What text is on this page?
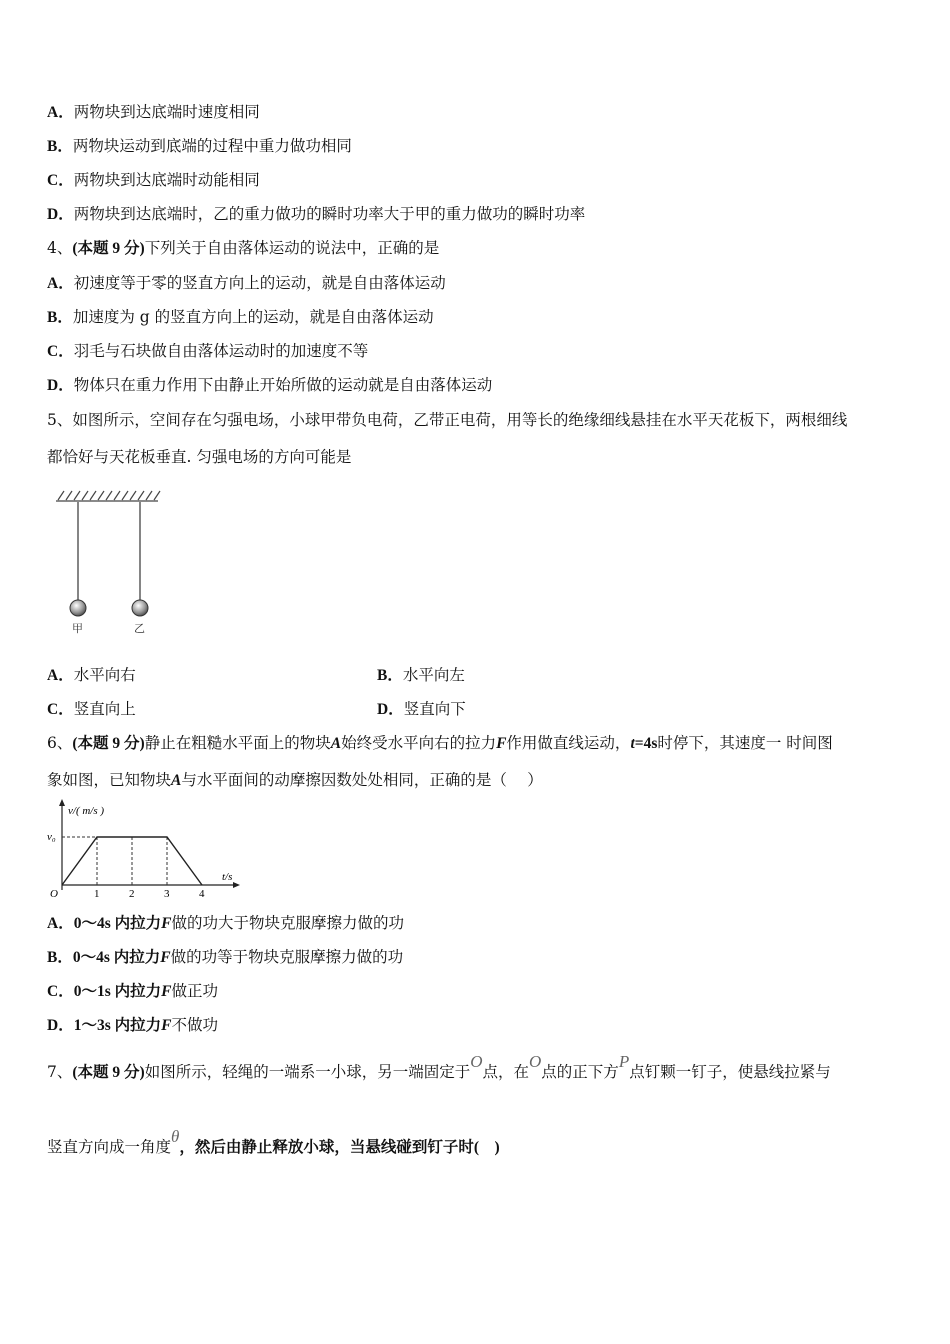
A．两物块到达底端时速度相同
B．两物块运动到底端的过程中重力做功相同
C．两物块到达底端时动能相同
D．两物块到达底端时，乙的重力做功的瞬时功率大于甲的重力做功的瞬时功率
4、(本题 9 分)下列关于自由落体运动的说法中，正确的是
A．初速度等于零的竖直方向上的运动，就是自由落体运动
B．加速度为 g 的竖直方向上的运动，就是自由落体运动
C．羽毛与石块做自由落体运动时的加速度不等
D．物体只在重力作用下由静止开始所做的运动就是自由落体运动
5、如图所示，空间存在匀强电场，小球甲带负电荷，乙带正电荷，用等长的绝缘细线悬挂在水平天花板下，两根细线
都恰好与天花板垂直. 匀强电场的方向可能是
甲	乙
A．水平向右	B．水平向左
C．竖直向上	D．竖直向下
6、(本题 9 分)静止在粗糙水平面上的物块A始终受水平向右的拉力F作用做直线运动，t=4s时停下，其速度一 时间图
象如图，已知物块A与水平面间的动摩擦因数处处相同，正确的是（　 ）
v/( m/s )
t/s
O
v₀
1	2	3	4
A．0～4s 内拉力F做的功大于物块克服摩擦力做的功
B．0～4s 内拉力F做的功等于物块克服摩擦力做的功
C．0～1s 内拉力F做正功
D．1～3s 内拉力F不做功
7、(本题 9 分)如图所示，轻绳的一端系一小球，另一端固定于O点，在O点的正下方P点钉颗一钉子，使悬线拉紧与
竖直方向成一角度θ，然后由静止释放小球，当悬线碰到钉子时(　)
